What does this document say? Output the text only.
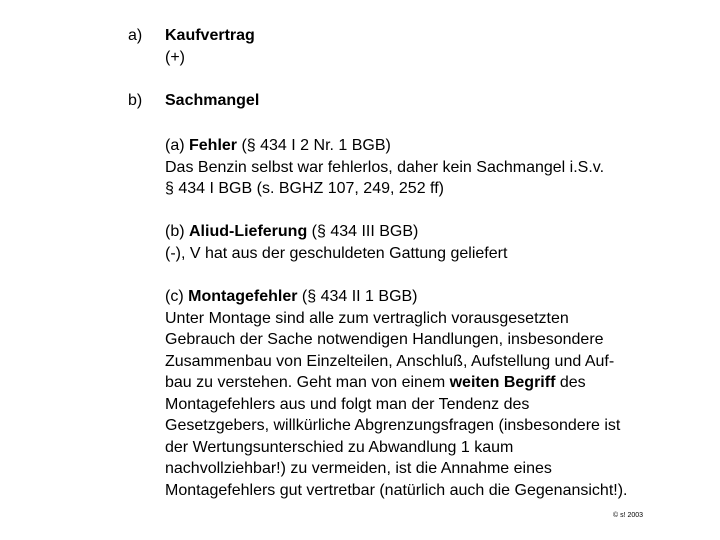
a) Kaufvertrag
(+)
b) Sachmangel
(a) Fehler (§ 434 I 2 Nr. 1 BGB)
Das Benzin selbst war fehlerlos, daher kein Sachmangel i.S.v.
§ 434 I BGB (s. BGHZ 107, 249, 252 ff)
(b) Aliud-Lieferung (§ 434 III BGB)
(-), V hat aus der geschuldeten Gattung geliefert
(c) Montagefehler (§ 434 II 1 BGB)
Unter Montage sind alle zum vertraglich vorausgesetzten
Gebrauch der Sache notwendigen Handlungen, insbesondere
Zusammenbau von Einzelteilen, Anschluß, Aufstellung und Auf-
bau zu verstehen. Geht man von einem weiten Begriff des
Montagefehlers aus und folgt man der Tendenz des
Gesetzgebers, willkürliche Abgrenzungsfragen (insbesondere ist
der Wertungsunterschied zu Abwandlung 1 kaum
nachvollziehbar!) zu vermeiden, ist die Annahme eines
Montagefehlers gut vertretbar (natürlich auch die Gegenansicht!).
© s! 2003
